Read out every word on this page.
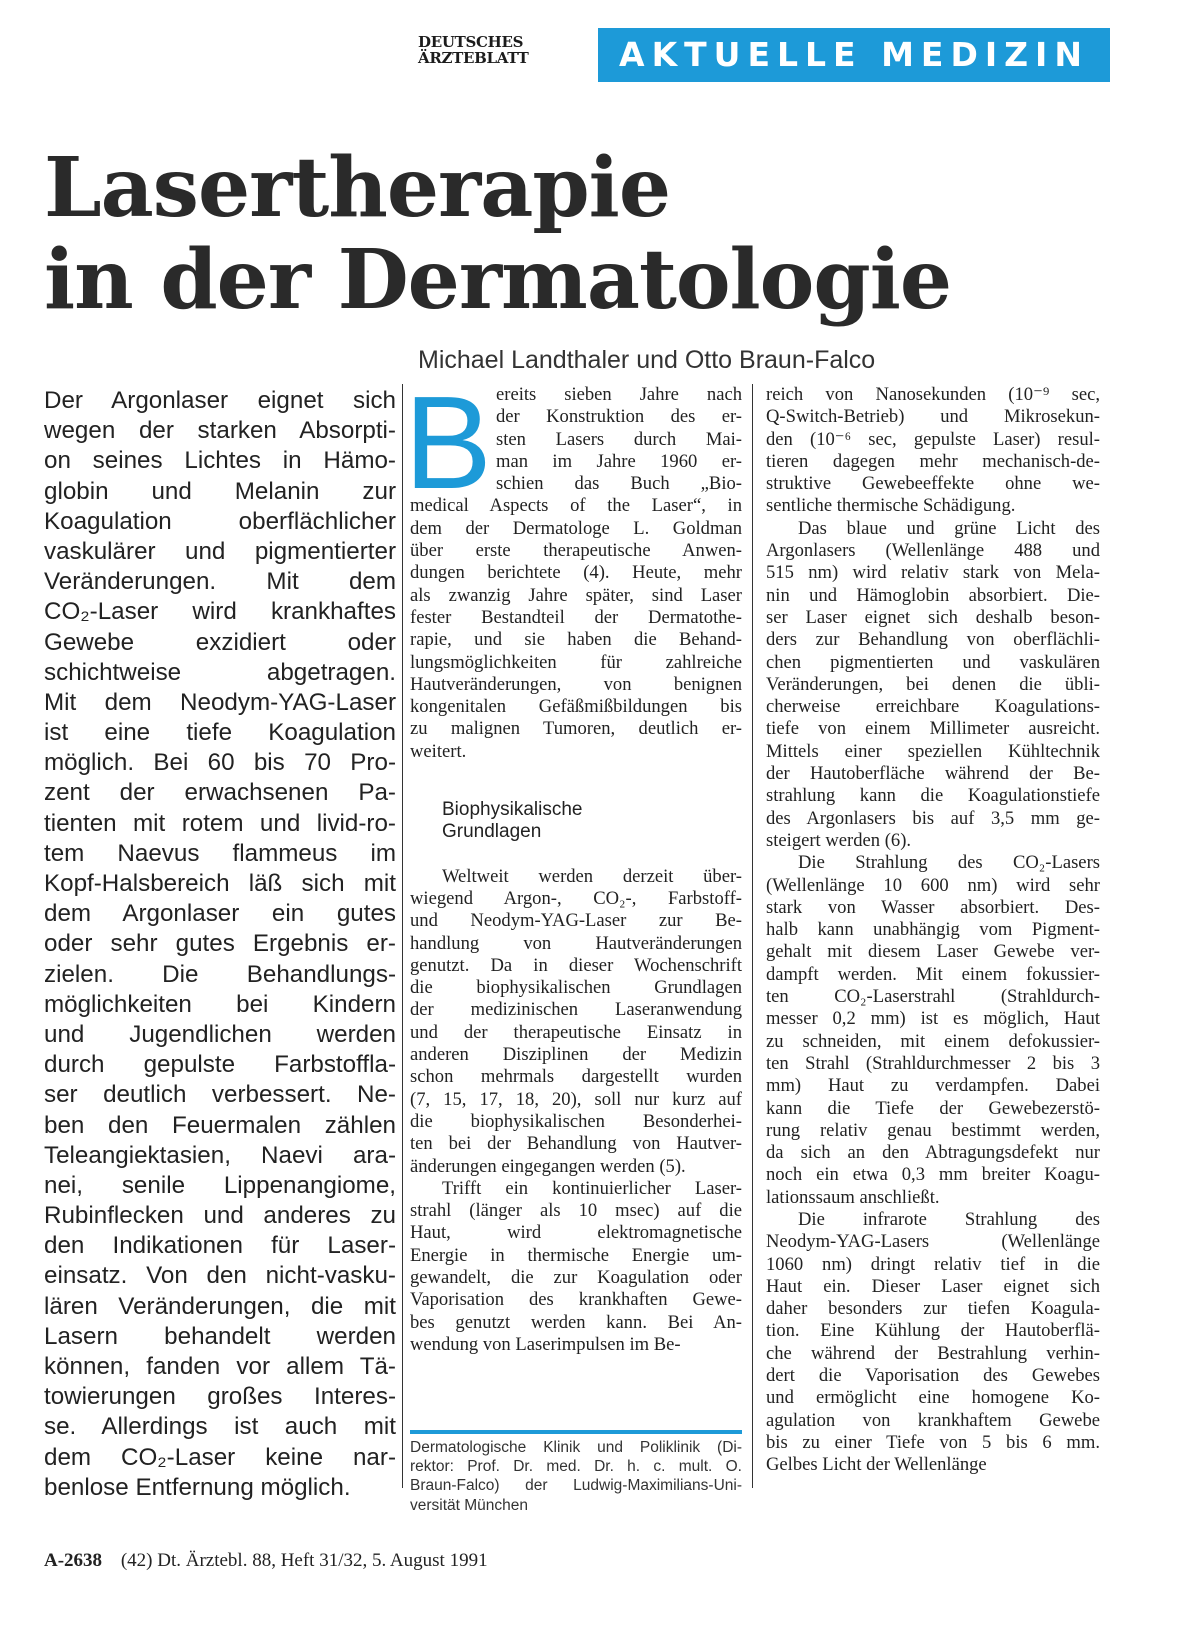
DEUTSCHES
ÄRZTEBLATT	AKTUELLE MEDIZIN
Lasertherapie
in der Dermatologie
Michael Landthaler und Otto Braun-Falco
Der Argonlaser eignet sich
wegen der starken Absorpti-
on seines Lichtes in Hämo-
globin und Melanin zur
Koagulation oberflächlicher
vaskulärer und pigmentierter
Veränderungen. Mit dem
CO₂-Laser wird krankhaftes
Gewebe exzidiert oder
schichtweise abgetragen.
Mit dem Neodym-YAG-Laser
ist eine tiefe Koagulation
möglich. Bei 60 bis 70 Pro-
zent der erwachsenen Pa-
tienten mit rotem und livid-ro-
tem Naevus flammeus im
Kopf-Halsbereich läß sich mit
dem Argonlaser ein gutes
oder sehr gutes Ergebnis er-
zielen. Die Behandlungs-
möglichkeiten bei Kindern
und Jugendlichen werden
durch gepulste Farbstoffla-
ser deutlich verbessert. Ne-
ben den Feuermalen zählen
Teleangiektasien, Naevi ara-
nei, senile Lippenangiome,
Rubinflecken und anderes zu
den Indikationen für Laser-
einsatz. Von den nicht-vasku-
lären Veränderungen, die mit
Lasern behandelt werden
können, fanden vor allem Tä-
towierungen großes Interes-
se. Allerdings ist auch mit
dem CO₂-Laser keine nar-
benlose Entfernung möglich.
B ereits sieben Jahre nach
der Konstruktion des er-
sten Lasers durch Mai-
man im Jahre 1960 er-
schien das Buch „Bio-
medical Aspects of the Laser“, in
dem der Dermatologe L. Goldman
über erste therapeutische Anwen-
dungen berichtete (4). Heute, mehr
als zwanzig Jahre später, sind Laser
fester Bestandteil der Dermatothe-
rapie, und sie haben die Behand-
lungsmöglichkeiten für zahlreiche
Hautveränderungen, von benignen
kongenitalen Gefäßmißbildungen bis
zu malignen Tumoren, deutlich er-
weitert.
Biophysikalische
Grundlagen
Weltweit werden derzeit über-
wiegend Argon-, CO₂-, Farbstoff-
und Neodym-YAG-Laser zur Be-
handlung von Hautveränderungen
genutzt. Da in dieser Wochenschrift
die biophysikalischen Grundlagen
der medizinischen Laseranwendung
und der therapeutische Einsatz in
anderen Disziplinen der Medizin
schon mehrmals dargestellt wurden
(7, 15, 17, 18, 20), soll nur kurz auf
die biophysikalischen Besonderhei-
ten bei der Behandlung von Hautver-
änderungen eingegangen werden (5).
Trifft ein kontinuierlicher Laser-
strahl (länger als 10 msec) auf die
Haut, wird elektromagnetische
Energie in thermische Energie um-
gewandelt, die zur Koagulation oder
Vaporisation des krankhaften Gewe-
bes genutzt werden kann. Bei An-
wendung von Laserimpulsen im Be-
Dermatologische Klinik und Poliklinik (Di-
rektor: Prof. Dr. med. Dr. h. c. mult. O.
Braun-Falco) der Ludwig-Maximilians-Uni-
versität München
reich von Nanosekunden (10⁻⁹ sec,
Q-Switch-Betrieb) und Mikrosekun-
den (10⁻⁶ sec, gepulste Laser) resul-
tieren dagegen mehr mechanisch-de-
struktive Gewebeeffekte ohne we-
sentliche thermische Schädigung.
Das blaue und grüne Licht des
Argonlasers (Wellenlänge 488 und
515 nm) wird relativ stark von Mela-
nin und Hämoglobin absorbiert. Die-
ser Laser eignet sich deshalb beson-
ders zur Behandlung von oberflächli-
chen pigmentierten und vaskulären
Veränderungen, bei denen die übli-
cherweise erreichbare Koagulations-
tiefe von einem Millimeter ausreicht.
Mittels einer speziellen Kühltechnik
der Hautoberfläche während der Be-
strahlung kann die Koagulationstiefe
des Argonlasers bis auf 3,5 mm ge-
steigert werden (6).
Die Strahlung des CO₂-Lasers
(Wellenlänge 10 600 nm) wird sehr
stark von Wasser absorbiert. Des-
halb kann unabhängig vom Pigment-
gehalt mit diesem Laser Gewebe ver-
dampft werden. Mit einem fokussier-
ten CO₂-Laserstrahl (Strahldurch-
messer 0,2 mm) ist es möglich, Haut
zu schneiden, mit einem defokussier-
ten Strahl (Strahldurchmesser 2 bis 3
mm) Haut zu verdampfen. Dabei
kann die Tiefe der Gewebezerstö-
rung relativ genau bestimmt werden,
da sich an den Abtragungsdefekt nur
noch ein etwa 0,3 mm breiter Koagu-
lationssaum anschließt.
Die infrarote Strahlung des
Neodym-YAG-Lasers (Wellenlänge
1060 nm) dringt relativ tief in die
Haut ein. Dieser Laser eignet sich
daher besonders zur tiefen Koagula-
tion. Eine Kühlung der Hautoberflä-
che während der Bestrahlung verhin-
dert die Vaporisation des Gewebes
und ermöglicht eine homogene Ko-
agulation von krankhaftem Gewebe
bis zu einer Tiefe von 5 bis 6 mm.
Gelbes Licht der Wellenlänge
A-2638 (42) Dt. Ärztebl. 88, Heft 31/32, 5. August 1991
